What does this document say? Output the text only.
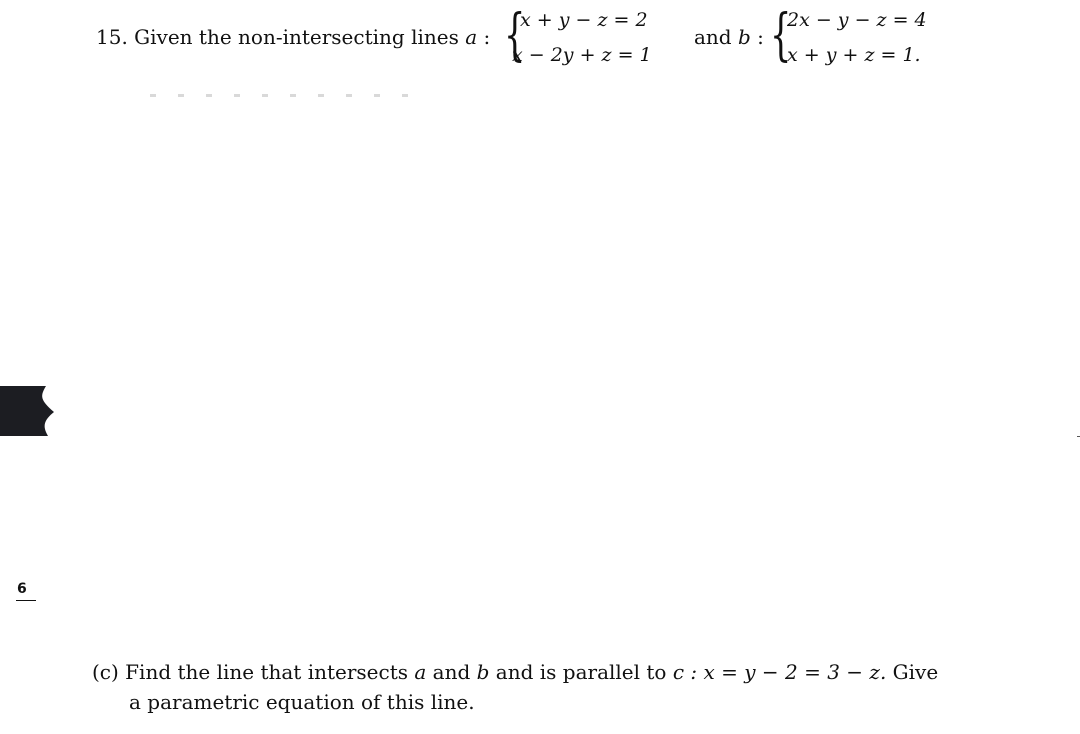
15. Given the non-intersecting lines a : {
x + y − z = 2
x − 2y + z = 1
and b : {
2x − y − z = 4
x + y + z = 1.
6
(c) Find the line that intersects a and b and is parallel to c : x = y − 2 = 3 − z. Give
a parametric equation of this line.
